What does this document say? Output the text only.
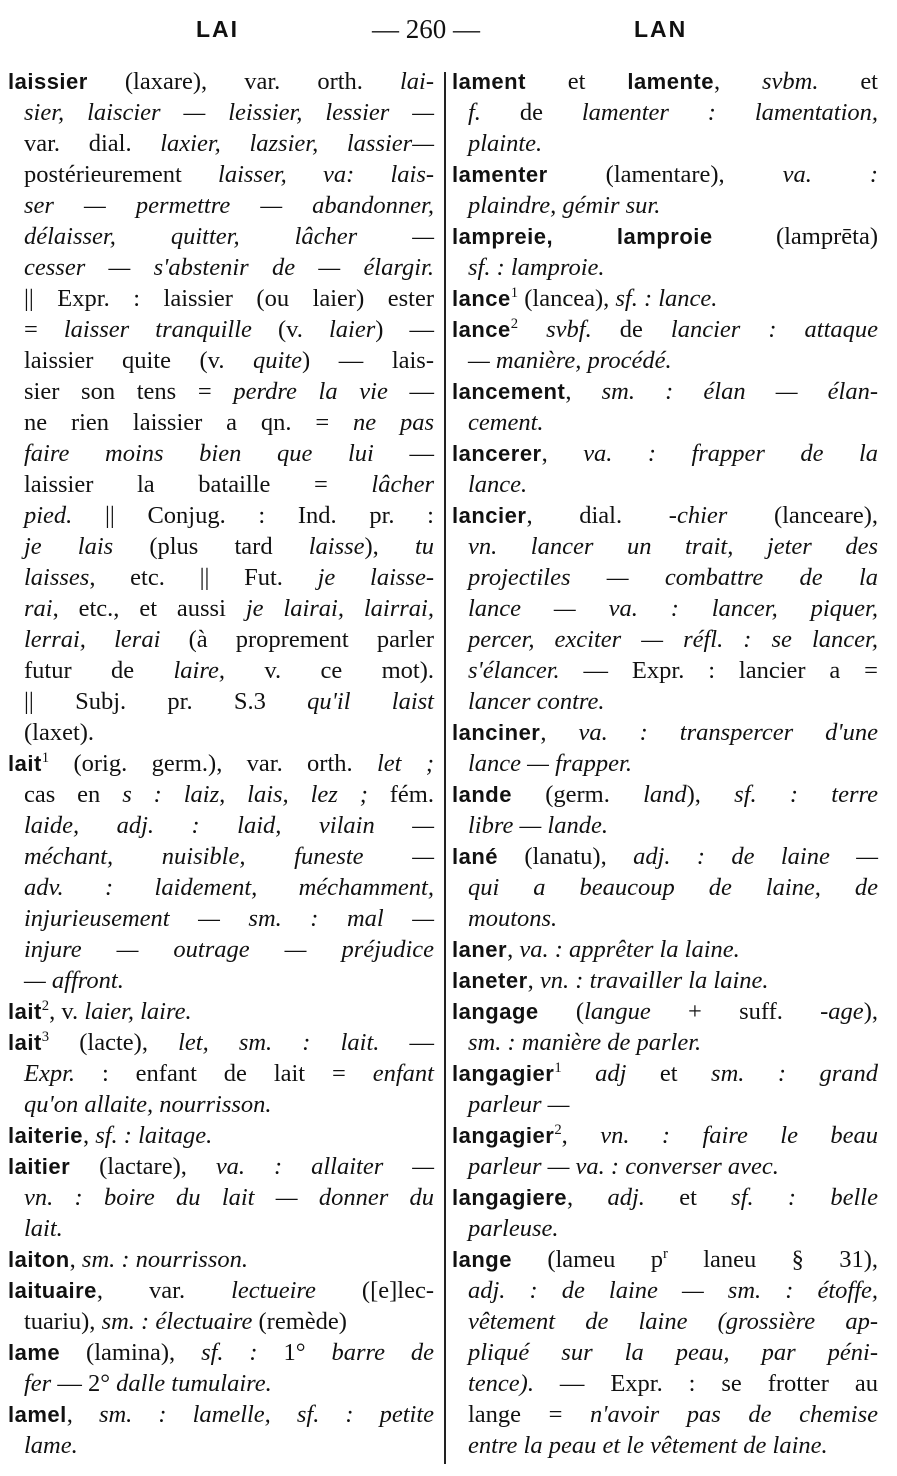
LAI	— 260 —	LAN
laissier (laxare), var. orth. lai-
sier, laiscier — leissier, lessier —
var. dial. laxier, lazsier, lassier—
postérieurement laisser, va: lais-
ser — permettre — abandonner,
délaisser, quitter, lâcher —
cesser — s'abstenir de — élargir.
|| Expr. : laissier (ou laier) ester
= laisser tranquille (v. laier) —
laissier quite (v. quite) — lais-
sier son tens = perdre la vie —
ne rien laissier a qn. = ne pas
faire moins bien que lui —
laissier la bataille = lâcher
pied. || Conjug. : Ind. pr. :
je lais (plus tard laisse), tu
laisses, etc. || Fut. je laisse-
rai, etc., et aussi je lairai, lairrai,
lerrai, lerai (à proprement parler
futur de laire, v. ce mot).
|| Subj. pr. S.3 qu'il laist
(laxet).
lait$^1$ (orig. germ.), var. orth. let ;
cas en s : laiz, lais, lez ; fém.
laide, adj. : laid, vilain —
méchant, nuisible, funeste —
adv. : laidement, méchamment,
injurieusement — sm. : mal —
injure — outrage — préjudice
— affront.
lait$^2$, v. laier, laire.
lait$^3$ (lacte), let, sm. : lait. —
Expr. : enfant de lait = enfant
qu'on allaite, nourrisson.
laiterie, sf. : laitage.
laitier (lactare), va. : allaiter —
vn. : boire du lait — donner du
lait.
laiton, sm. : nourrisson.
laituaire, var. lectueire ([e]lec-
tuariu), sm. : électuaire (remède)
lame (lamina), sf. : 1° barre de
fer — 2° dalle tumulaire.
lamel, sm. : lamelle, sf. : petite
lame.
lament et lamente, svbm. et
f. de lamenter : lamentation,
plainte.
lamenter (lamentare), va. :
plaindre, gémir sur.
lampreie, lamproie (lamprēta)
sf. : lamproie.
lance$^1$ (lancea), sf. : lance.
lance$^2$ svbf. de lancier : attaque
— manière, procédé.
lancement, sm. : élan — élan-
cement.
lancerer, va. : frapper de la
lance.
lancier, dial. -chier (lanceare),
vn. lancer un trait, jeter des
projectiles — combattre de la
lance — va. : lancer, piquer,
percer, exciter — réfl. : se lancer,
s'élancer. — Expr. : lancier a =
lancer contre.
lanciner, va. : transpercer d'une
lance — frapper.
lande (germ. land), sf. : terre
libre — lande.
lané (lanatu), adj. : de laine —
qui a beaucoup de laine, de
moutons.
laner, va. : apprêter la laine.
laneter, vn. : travailler la laine.
langage (langue + suff. -age),
sm. : manière de parler.
langagier$^1$ adj et sm. : grand
parleur —
langagier$^2$, vn. : faire le beau
parleur — va. : converser avec.
langagiere, adj. et sf. : belle
parleuse.
lange (lameu $p^r$ laneu § 31),
adj. : de laine — sm. : étoffe,
vêtement de laine (grossière ap-
pliqué sur la peau, par péni-
tence). — Expr. : se frotter au
lange = n'avoir pas de chemise
entre la peau et le vêtement de laine.
